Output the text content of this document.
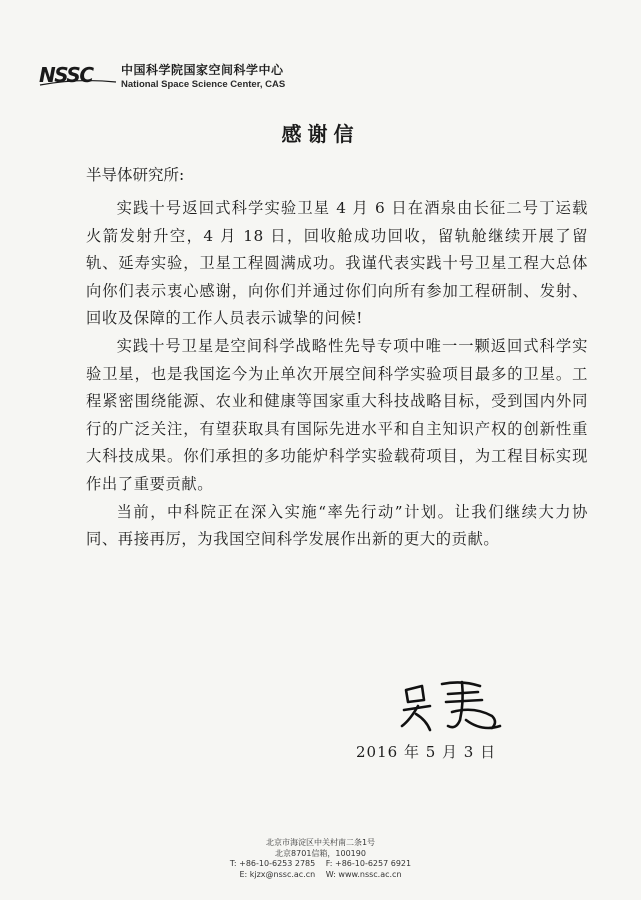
NSSC 中国科学院国家空间科学中心
National Space Science Center, CAS
感谢信
半导体研究所:

实践十号返回式科学实验卫星 4 月 6 日在酒泉由长征二号丁运载火箭发射升空，4 月 18 日，回收舱成功回收，留轨舱继续开展了留轨、延寿实验，卫星工程圆满成功。我谨代表实践十号卫星工程大总体向你们表示衷心感谢，向你们并通过你们向所有参加工程研制、发射、回收及保障的工作人员表示诚挚的问候!

实践十号卫星是空间科学战略性先导专项中唯一一颗返回式科学实验卫星，也是我国迄今为止单次开展空间科学实验项目最多的卫星。工程紧密围绕能源、农业和健康等国家重大科技战略目标，受到国内外同行的广泛关注，有望获取具有国际先进水平和自主知识产权的创新性重大科技成果。你们承担的多功能炉科学实验载荷项目，为工程目标实现作出了重要贡献。

当前，中科院正在深入实施“率先行动”计划。让我们继续大力协同、再接再厉，为我国空间科学发展作出新的更大的贡献。

2016 年 5 月 3 日
北京市海淀区中关村南二条1号
北京8701信箱，100190
T: +86-10-6253 2785 F: +86-10-6257 6921
E: kjzx@nssc.ac.cn W: www.nssc.ac.cn
